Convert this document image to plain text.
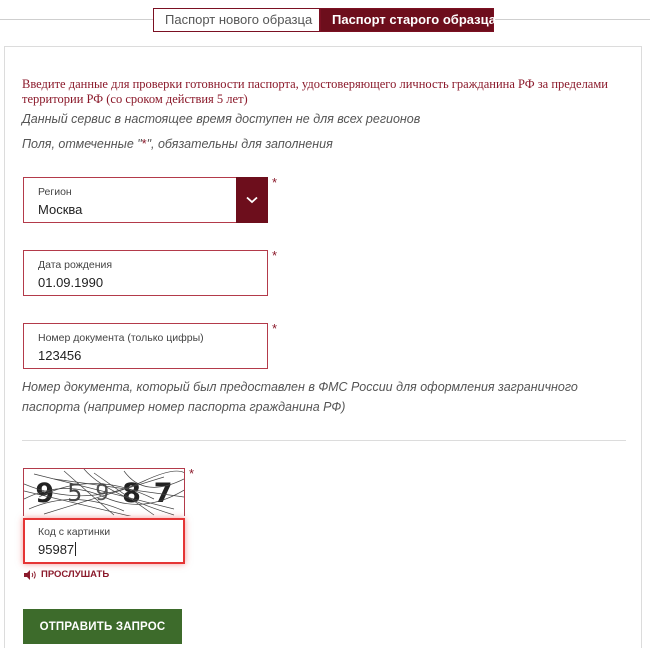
Паспорт нового образца	Паспорт старого образца
Введите данные для проверки готовности паспорта, удостоверяющего личность гражданина РФ за пределами территории РФ (со сроком действия 5 лет)
Данный сервис в настоящее время доступен не для всех регионов
Поля, отмеченные "*", обязательны для заполнения
Регион
Москва
*
Дата рождения
01.09.1990
*
Номер документа (только цифры)
123456
*
Номер документа, который был предоставлен в ФМС России для оформления заграничного паспорта (например номер паспорта гражданина РФ)
9 5 9 8 7
*
Код с картинки
95987
ПРОСЛУШАТЬ
ОТПРАВИТЬ ЗАПРОС
